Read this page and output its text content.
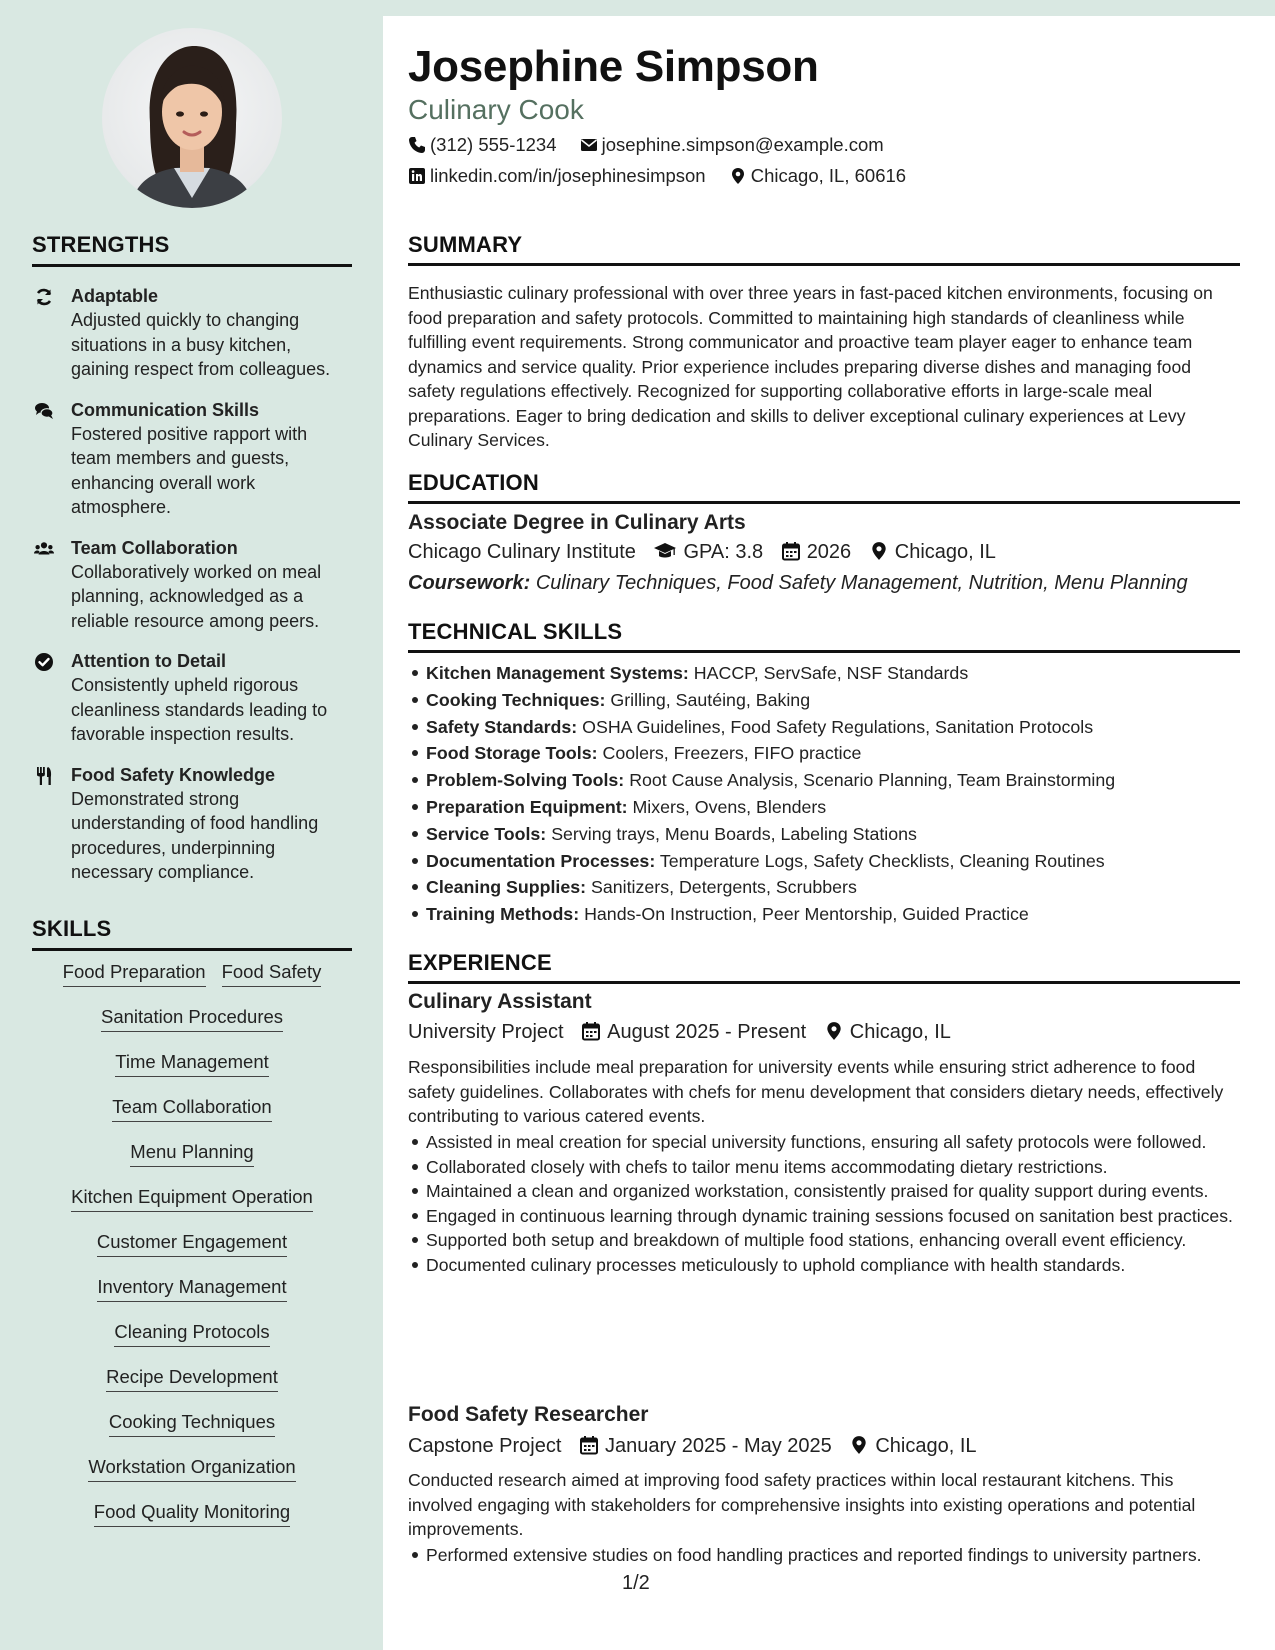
STRENGTHS
Adaptable
Adjusted quickly to changing situations in a busy kitchen, gaining respect from colleagues.
Communication Skills
Fostered positive rapport with team members and guests, enhancing overall work atmosphere.
Team Collaboration
Collaboratively worked on meal planning, acknowledged as a reliable resource among peers.
Attention to Detail
Consistently upheld rigorous cleanliness standards leading to favorable inspection results.
Food Safety Knowledge
Demonstrated strong understanding of food handling procedures, underpinning necessary compliance.
SKILLS
Food Preparation Food Safety
Sanitation Procedures
Time Management
Team Collaboration
Menu Planning
Kitchen Equipment Operation
Customer Engagement
Inventory Management
Cleaning Protocols
Recipe Development
Cooking Techniques
Workstation Organization
Food Quality Monitoring
Josephine Simpson
Culinary Cook
(312) 555-1234 josephine.simpson@example.com
linkedin.com/in/josephinesimpson Chicago, IL, 60616
SUMMARY
Enthusiastic culinary professional with over three years in fast-paced kitchen environments, focusing on food preparation and safety protocols. Committed to maintaining high standards of cleanliness while fulfilling event requirements. Strong communicator and proactive team player eager to enhance team dynamics and service quality. Prior experience includes preparing diverse dishes and managing food safety regulations effectively. Recognized for supporting collaborative efforts in large-scale meal preparations. Eager to bring dedication and skills to deliver exceptional culinary experiences at Levy Culinary Services.
EDUCATION
Associate Degree in Culinary Arts
Chicago Culinary Institute GPA: 3.8 2026 Chicago, IL
Coursework: Culinary Techniques, Food Safety Management, Nutrition, Menu Planning
TECHNICAL SKILLS
Kitchen Management Systems: HACCP, ServSafe, NSF Standards
Cooking Techniques: Grilling, Sautéing, Baking
Safety Standards: OSHA Guidelines, Food Safety Regulations, Sanitation Protocols
Food Storage Tools: Coolers, Freezers, FIFO practice
Problem-Solving Tools: Root Cause Analysis, Scenario Planning, Team Brainstorming
Preparation Equipment: Mixers, Ovens, Blenders
Service Tools: Serving trays, Menu Boards, Labeling Stations
Documentation Processes: Temperature Logs, Safety Checklists, Cleaning Routines
Cleaning Supplies: Sanitizers, Detergents, Scrubbers
Training Methods: Hands-On Instruction, Peer Mentorship, Guided Practice
EXPERIENCE
Culinary Assistant
University Project August 2025 - Present Chicago, IL
Responsibilities include meal preparation for university events while ensuring strict adherence to food safety guidelines. Collaborates with chefs for menu development that considers dietary needs, effectively contributing to various catered events.
Assisted in meal creation for special university functions, ensuring all safety protocols were followed.
Collaborated closely with chefs to tailor menu items accommodating dietary restrictions.
Maintained a clean and organized workstation, consistently praised for quality support during events.
Engaged in continuous learning through dynamic training sessions focused on sanitation best practices.
Supported both setup and breakdown of multiple food stations, enhancing overall event efficiency.
Documented culinary processes meticulously to uphold compliance with health standards.
Food Safety Researcher
Capstone Project January 2025 - May 2025 Chicago, IL
Conducted research aimed at improving food safety practices within local restaurant kitchens. This involved engaging with stakeholders for comprehensive insights into existing operations and potential improvements.
Performed extensive studies on food handling practices and reported findings to university partners.
1/2
